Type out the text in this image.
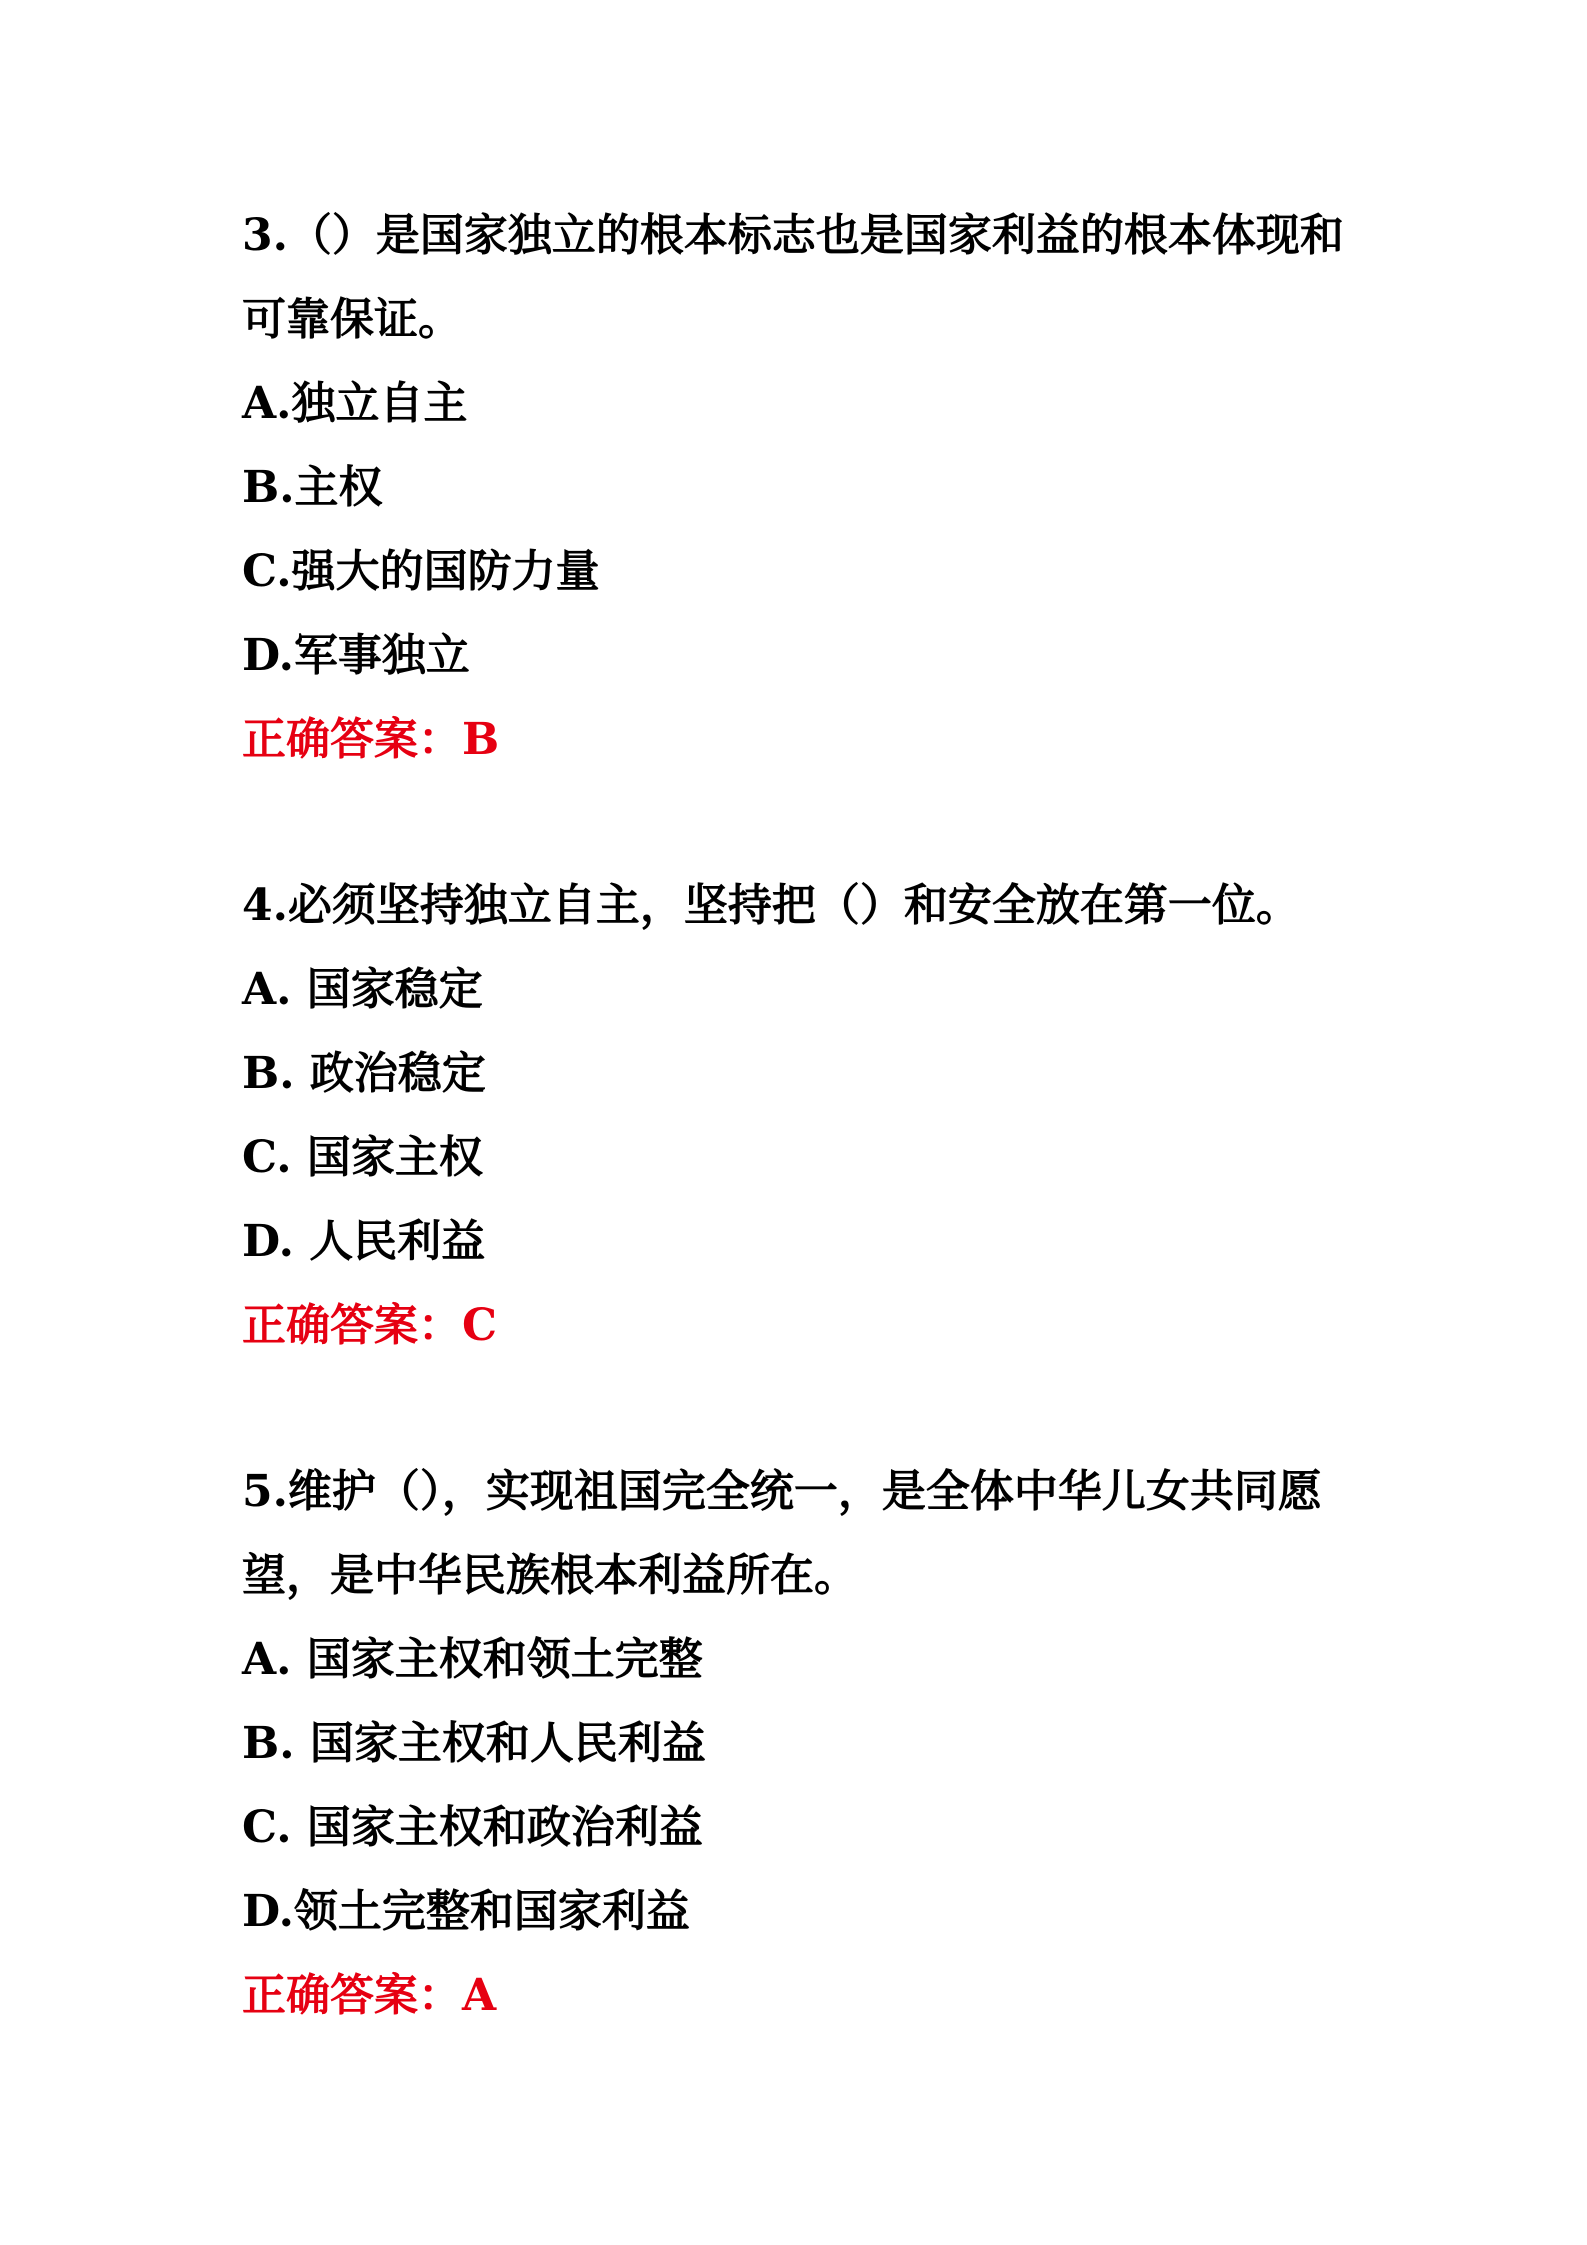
3.（）是国家独立的根本标志也是国家利益的根本体现和可靠保证。

A.独立自主

B.主权

C.强大的国防力量

D.军事独立

正确答案：B

4.必须坚持独立自主，坚持把（）和安全放在第一位。

A. 国家稳定

B. 政治稳定

C. 国家主权

D. 人民利益

正确答案：C

5.维护（），实现祖国完全统一，是全体中华儿女共同愿望，是中华民族根本利益所在。

A. 国家主权和领土完整

B. 国家主权和人民利益

C. 国家主权和政治利益

D.领土完整和国家利益

正确答案：A
